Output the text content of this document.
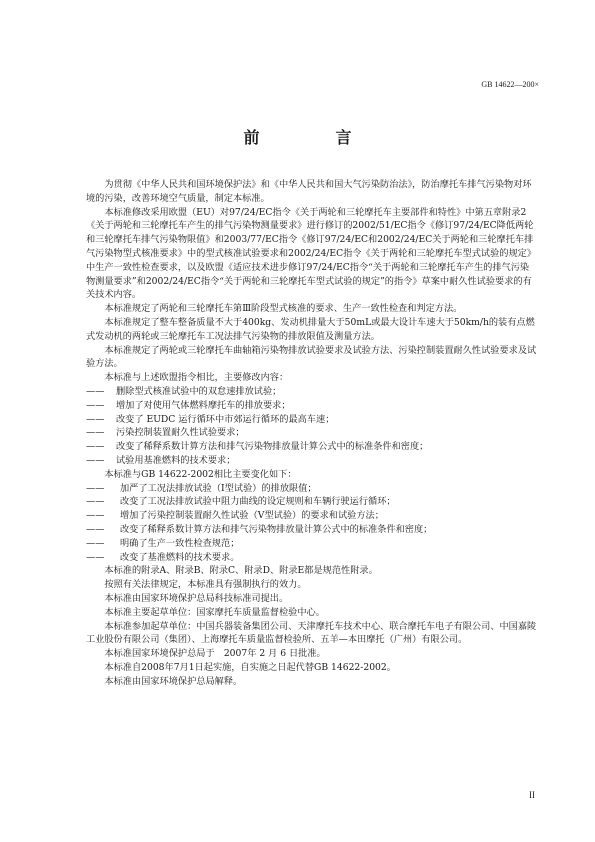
GB 14622—200×
前　言

为贯彻《中华人民共和国环境保护法》和《中华人民共和国大气污染防治法》，防治摩托车排气污染物对环境的污染，改善环境空气质量，制定本标准。

本标准修改采用欧盟（EU）对97/24/EC指令《关于两轮和三轮摩托车主要部件和特性》中第五章附录2《关于两轮和三轮摩托车产生的排气污染物测量要求》进行修订的2002/51/EC指令《修订97/24/EC降低两轮和三轮摩托车排气污染物限值》和2003/77/EC指令《修订97/24/EC和2002/24/EC关于两轮和三轮摩托车排气污染物型式核准要求》中的型式核准试验要求和2002/24/EC指令《关于两轮和三轮摩托车型式试验的规定》中生产一致性检查要求，以及欧盟《适应技术进步修订97/24/EC指令“关于两轮和三轮摩托车产生的排气污染物测量要求”和2002/24/EC指令“关于两轮和三轮摩托车型式试验的规定”的指令》草案中耐久性试验要求的有关技术内容。

本标准规定了两轮和三轮摩托车第Ⅲ阶段型式核准的要求、生产一致性检查和判定方法。

本标准规定了整车整备质量不大于400kg、发动机排量大于50mL或最大设计车速大于50km/h的装有点燃式发动机的两轮或三轮摩托车工况法排气污染物的排放限值及测量方法。

本标准规定了两轮或三轮摩托车曲轴箱污染物排放试验要求及试验方法、污染控制装置耐久性试验要求及试验方法。

本标准与上述欧盟指令相比，主要修改内容：

——	删除型式核准试验中的双怠速排放试验；
——	增加了对使用气体燃料摩托车的排放要求；
——	改变了 EUDC 运行循环中市郊运行循环的最高车速；
——	污染控制装置耐久性试验要求；
——	改变了稀释系数计算方法和排气污染物排放量计算公式中的标准条件和密度；
——	试验用基准燃料的技术要求；

本标准与GB 14622-2002相比主要变化如下：

——	加严了工况法排放试验（Ⅰ型试验）的排放限值；
——	改变了工况法排放试验中阻力曲线的设定规则和车辆行驶运行循环；
——	增加了污染控制装置耐久性试验（Ⅴ型试验）的要求和试验方法；
——	改变了稀释系数计算方法和排气污染物排放量计算公式中的标准条件和密度；
——	明确了生产一致性检查规范；
——	改变了基准燃料的技术要求。

本标准的附录A、附录B、附录C、附录D、附录E都是规范性附录。

按照有关法律规定，本标准具有强制执行的效力。

本标准由国家环境保护总局科技标准司提出。

本标准主要起草单位：国家摩托车质量监督检验中心。

本标准参加起草单位：中国兵器装备集团公司、天津摩托车技术中心、联合摩托车电子有限公司、中国嘉陵工业股份有限公司（集团）、上海摩托车质量监督检验所、五羊—本田摩托（广州）有限公司。

本标准国家环境保护总局于　2007年 2 月 6 日批准。

本标准自2008年7月1日起实施，自实施之日起代替GB 14622-2002。

本标准由国家环境保护总局解释。

II
